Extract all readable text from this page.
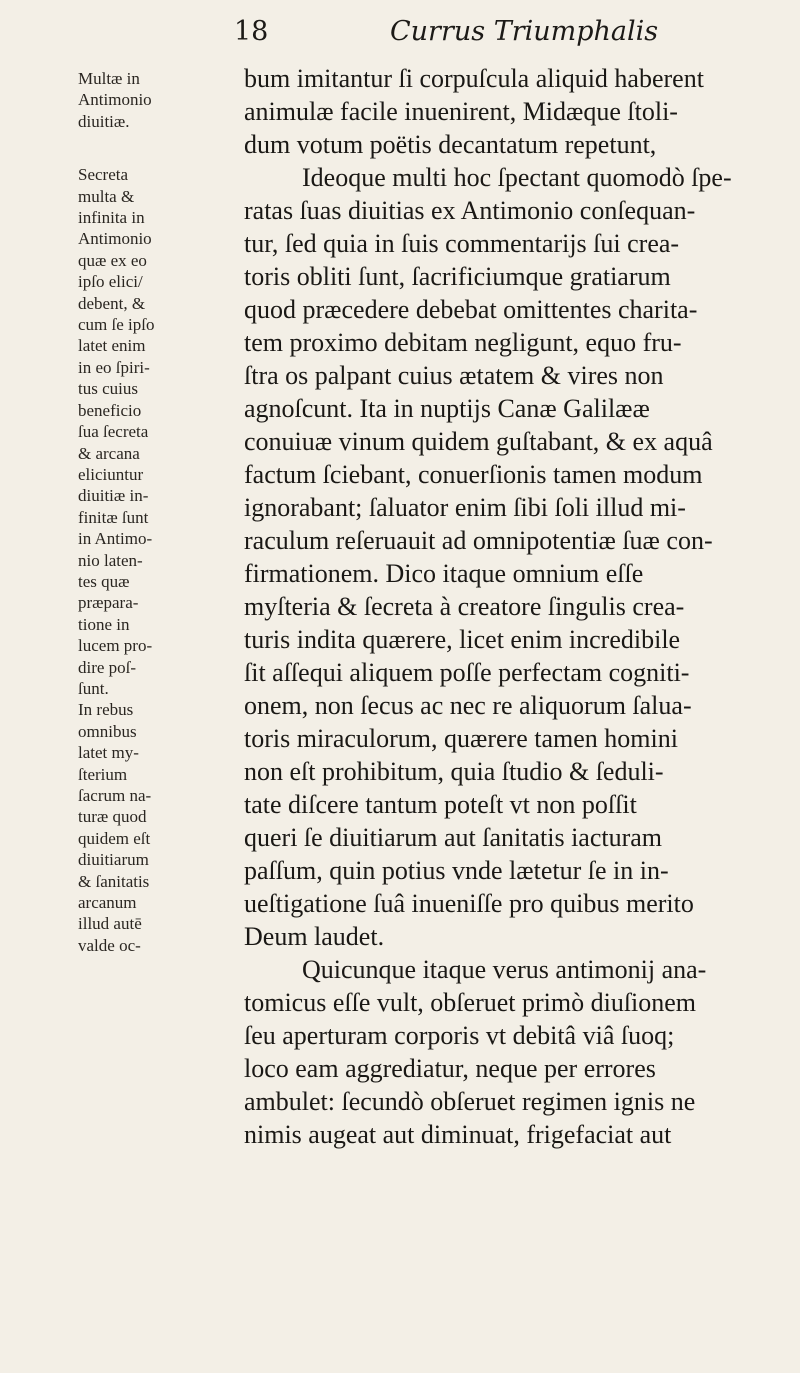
18	Currus Triumphalis
Multæ in
Antimonio
diuitiæ.
Secreta
multa &
infinita in
Antimonio
quæ ex eo
ipſo elici/
debent, &
cum ſe ipſo
latet enim
in eo ſpiri-
tus cuius
beneficio
ſua ſecreta
& arcana
eliciuntur
diuitiæ in-
finitæ ſunt
in Antimo-
nio laten-
tes quæ
præpara-
tione in
lucem pro-
dire poſ-
ſunt.
In rebus
omnibus
latet my-
ſterium
ſacrum na-
turæ quod
quidem eſt
diuitiarum
& ſanitatis
arcanum
illud autē
valde oc-
bum imitantur ſi corpuſcula aliquid haberent
animulæ facile inuenirent, Midæque ſtoli-
dum votum poëtis decantatum repetunt,
Ideoque multi hoc ſpectant quomodò ſpe-
ratas ſuas diuitias ex Antimonio conſequan-
tur, ſed quia in ſuis commentarijs ſui crea-
toris obliti ſunt, ſacrificiumque gratiarum
quod præcedere debebat omittentes charita-
tem proximo debitam negligunt, equo fru-
ſtra os palpant cuius ætatem & vires non
agnoſcunt. Ita in nuptijs Canæ Galilææ
conuiuæ vinum quidem guſtabant, & ex aquâ
factum ſciebant, conuerſionis tamen modum
ignorabant; ſaluator enim ſibi ſoli illud mi-
raculum reſeruauit ad omnipotentiæ ſuæ con-
firmationem. Dico itaque omnium eſſe
myſteria & ſecreta à creatore ſingulis crea-
turis indita quærere, licet enim incredibile
ſit aſſequi aliquem poſſe perfectam cogniti-
onem, non ſecus ac nec re aliquorum ſalua-
toris miraculorum, quærere tamen homini
non eſt prohibitum, quia ſtudio & ſeduli-
tate diſcere tantum poteſt vt non poſſit
queri ſe diuitiarum aut ſanitatis iacturam
paſſum, quin potius vnde lætetur ſe in in-
ueſtigatione ſuâ inueniſſe pro quibus merito
Deum laudet.
Quicunque itaque verus antimonij ana-
tomicus eſſe vult, obſeruet primò diuſionem
ſeu aperturam corporis vt debitâ viâ ſuoq;
loco eam aggrediatur, neque per errores
ambulet: ſecundò obſeruet regimen ignis ne
nimis augeat aut diminuat, frigefaciat aut
